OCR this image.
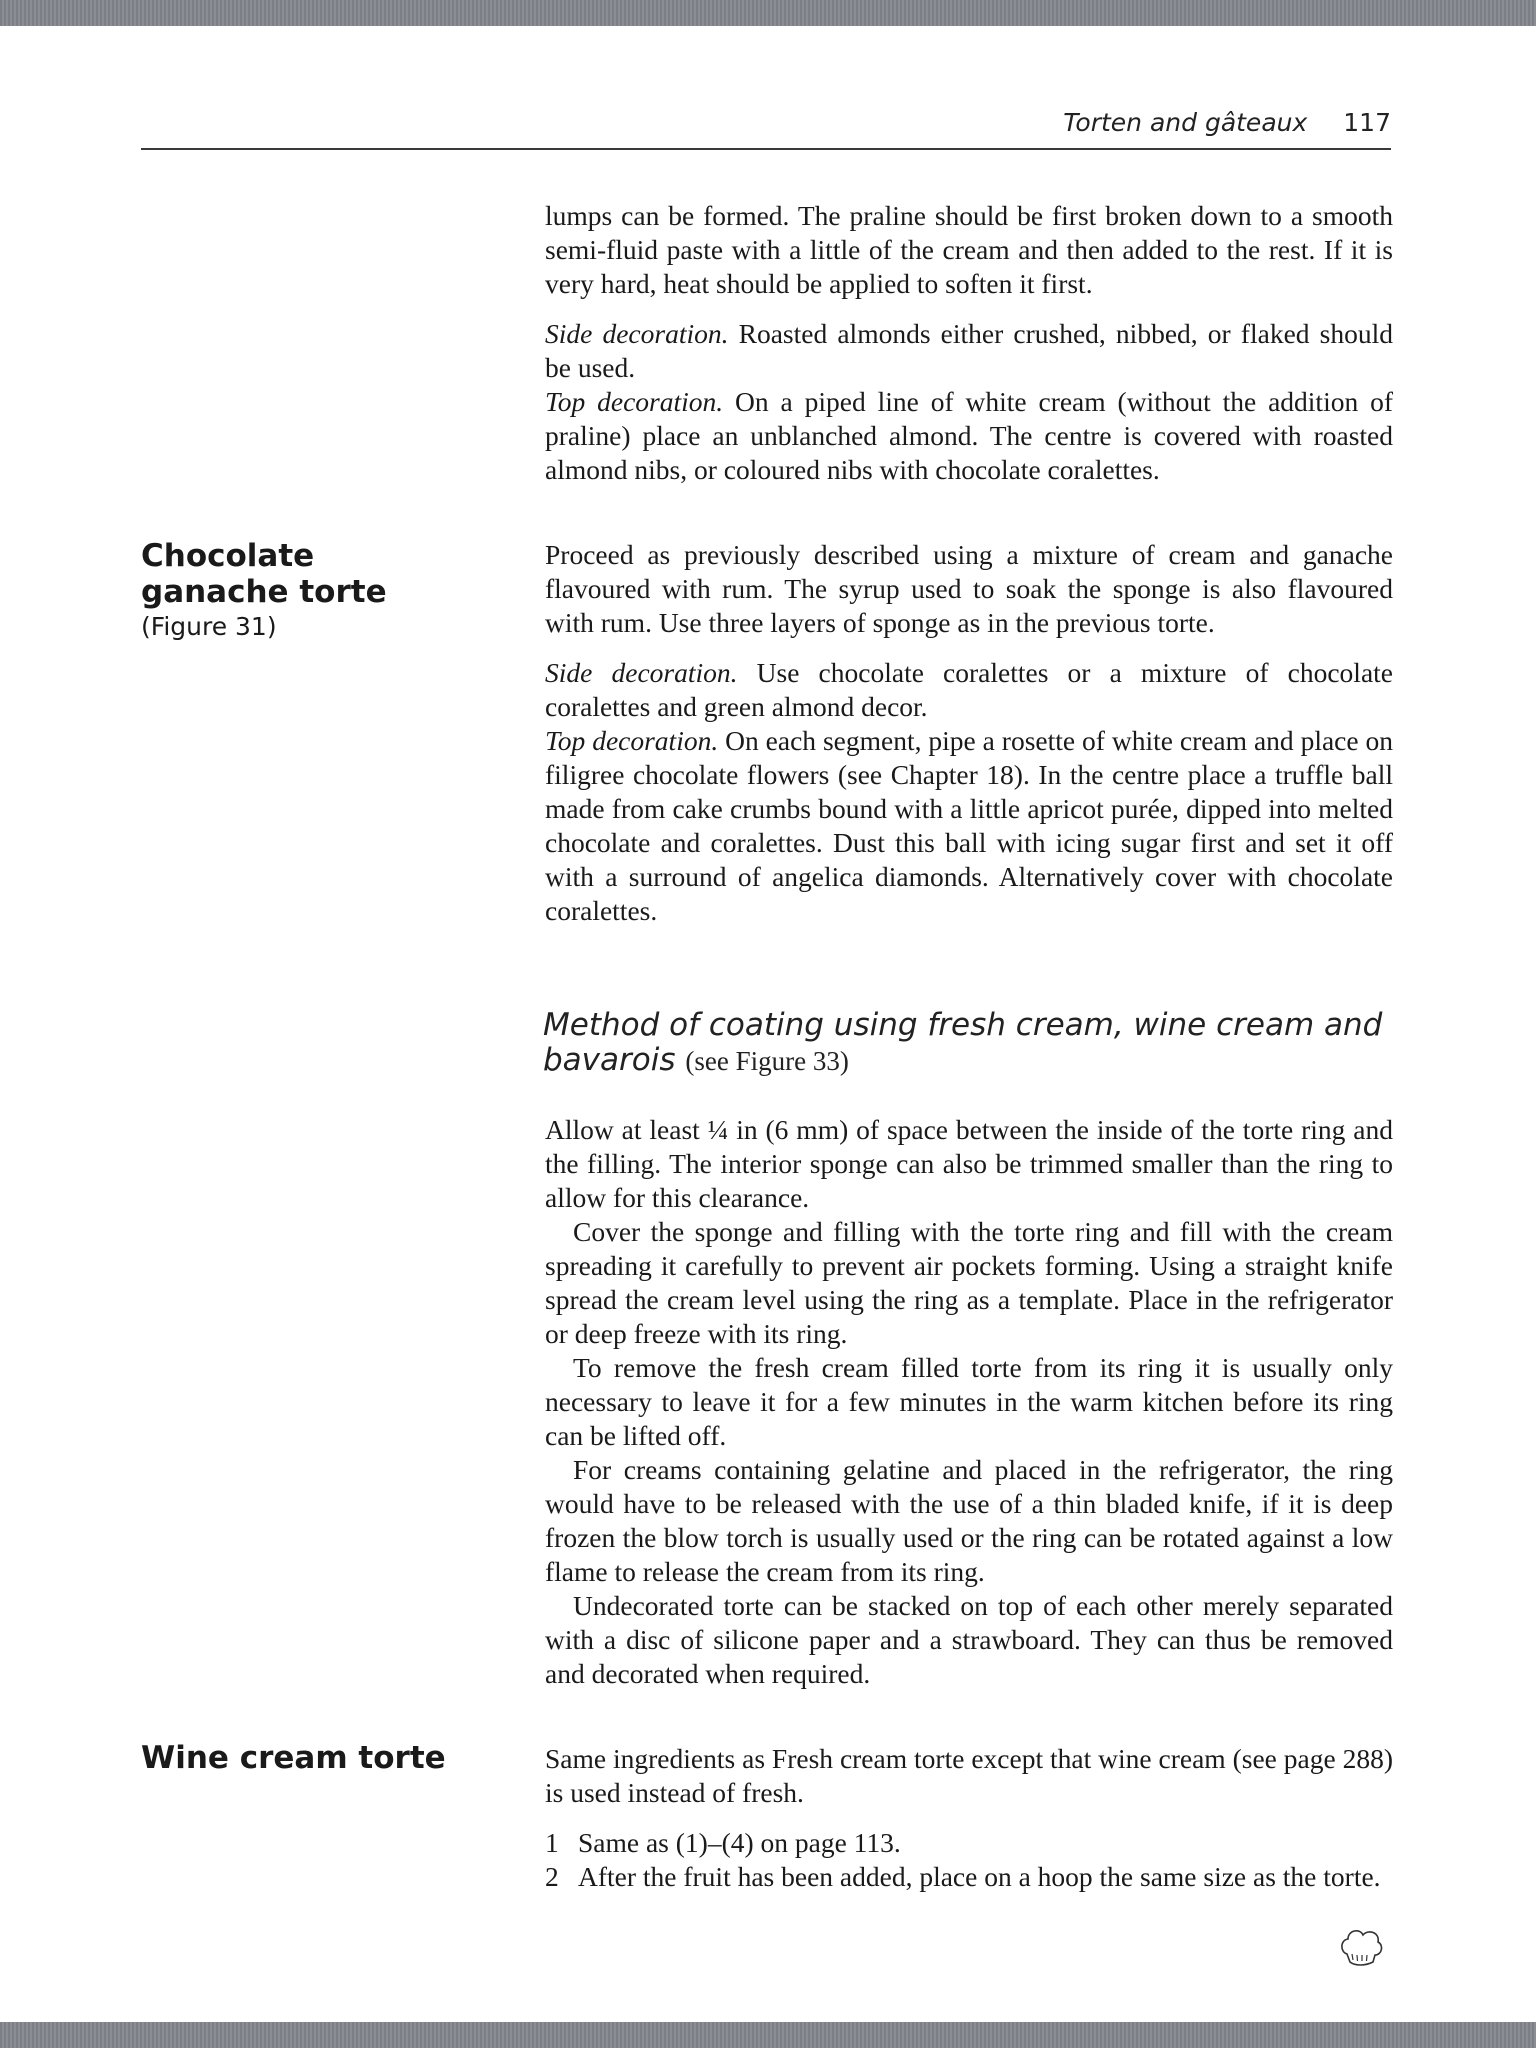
Torten and gâteaux 117

lumps can be formed. The praline should be first broken down to a smooth semi-fluid paste with a little of the cream and then added to the rest. If it is very hard, heat should be applied to soften it first.

Side decoration. Roasted almonds either crushed, nibbed, or flaked should be used.

Top decoration. On a piped line of white cream (without the addition of praline) place an unblanched almond. The centre is covered with roasted almond nibs, or coloured nibs with chocolate coralettes.

Chocolate ganache torte
(Figure 31)

Proceed as previously described using a mixture of cream and ganache flavoured with rum. The syrup used to soak the sponge is also flavoured with rum. Use three layers of sponge as in the previous torte.

Side decoration. Use chocolate coralettes or a mixture of chocolate coralettes and green almond decor.

Top decoration. On each segment, pipe a rosette of white cream and place on filigree chocolate flowers (see Chapter 18). In the centre place a truffle ball made from cake crumbs bound with a little apricot purée, dipped into melted chocolate and coralettes. Dust this ball with icing sugar first and set it off with a surround of angelica diamonds. Alternatively cover with chocolate coralettes.

Method of coating using fresh cream, wine cream and bavarois (see Figure 33)

Allow at least ¼ in (6 mm) of space between the inside of the torte ring and the filling. The interior sponge can also be trimmed smaller than the ring to allow for this clearance.

Cover the sponge and filling with the torte ring and fill with the cream spreading it carefully to prevent air pockets forming. Using a straight knife spread the cream level using the ring as a template. Place in the refrigerator or deep freeze with its ring.

To remove the fresh cream filled torte from its ring it is usually only necessary to leave it for a few minutes in the warm kitchen before its ring can be lifted off.

For creams containing gelatine and placed in the refrigerator, the ring would have to be released with the use of a thin bladed knife, if it is deep frozen the blow torch is usually used or the ring can be rotated against a low flame to release the cream from its ring.

Undecorated torte can be stacked on top of each other merely separated with a disc of silicone paper and a strawboard. They can thus be removed and decorated when required.

Wine cream torte	Same ingredients as Fresh cream torte except that wine cream (see page 288) is used instead of fresh.

1 Same as (1)–(4) on page 113.
2 After the fruit has been added, place on a hoop the same size as the torte.
